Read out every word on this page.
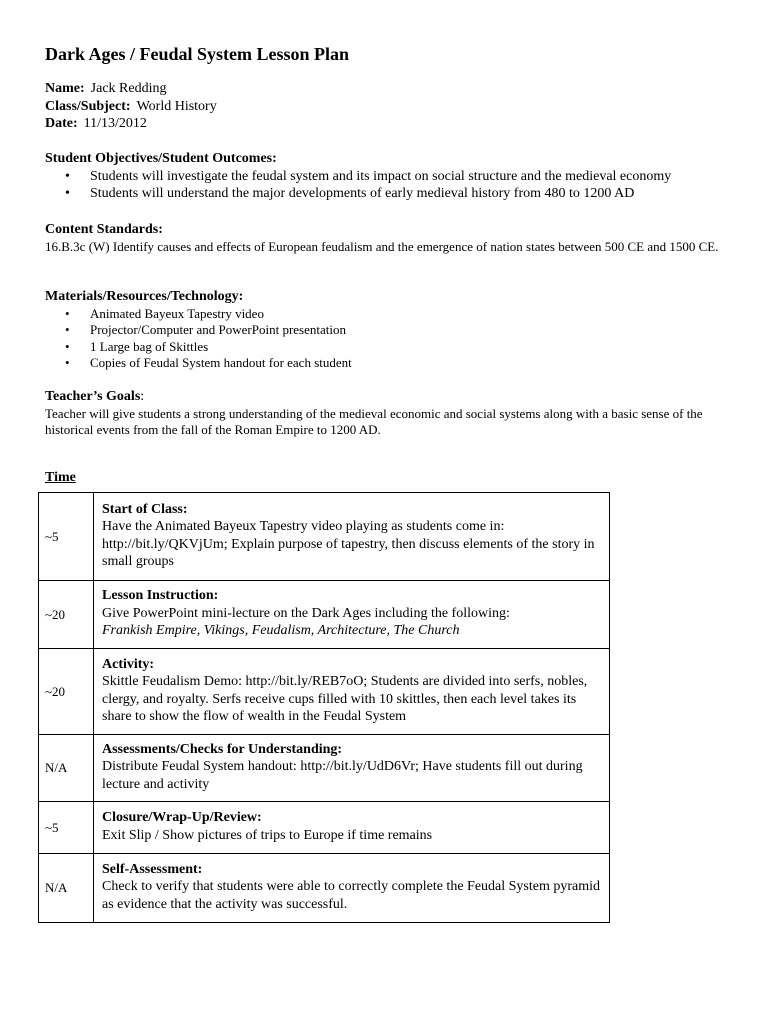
Dark Ages / Feudal System Lesson Plan
Name: Jack Redding
Class/Subject: World History
Date: 11/13/2012
Student Objectives/Student Outcomes:
• Students will investigate the feudal system and its impact on social structure and the medieval economy
• Students will understand the major developments of early medieval history from 480 to 1200 AD
Content Standards:

16.B.3c (W) Identify causes and effects of European feudalism and the emergence of nation states between 500 CE and 1500 CE.

Materials/Resources/Technology:
• Animated Bayeux Tapestry video
• Projector/Computer and PowerPoint presentation
• 1 Large bag of Skittles
• Copies of Feudal System handout for each student
Teacher’s Goals:

Teacher will give students a strong understanding of the medieval economic and social systems along with a basic sense of the historical events from the fall of the Roman Empire to 1200 AD.

Time
~5	Start of Class:
Have the Animated Bayeux Tapestry video playing as students come in: http://bit.ly/QKVjUm; Explain purpose of tapestry, then discuss elements of the story in small groups

~20	Lesson Instruction:
Give PowerPoint mini-lecture on the Dark Ages including the following:
Frankish Empire, Vikings, Feudalism, Architecture, The Church

~20	Activity:
Skittle Feudalism Demo: http://bit.ly/REB7oO; Students are divided into serfs, nobles, clergy, and royalty. Serfs receive cups filled with 10 skittles, then each level takes its share to show the flow of wealth in the Feudal System

N/A	Assessments/Checks for Understanding:
Distribute Feudal System handout: http://bit.ly/UdD6Vr; Have students fill out during lecture and activity

~5	Closure/Wrap-Up/Review:
Exit Slip / Show pictures of trips to Europe if time remains

N/A	Self-Assessment:
Check to verify that students were able to correctly complete the Feudal System pyramid as evidence that the activity was successful.
